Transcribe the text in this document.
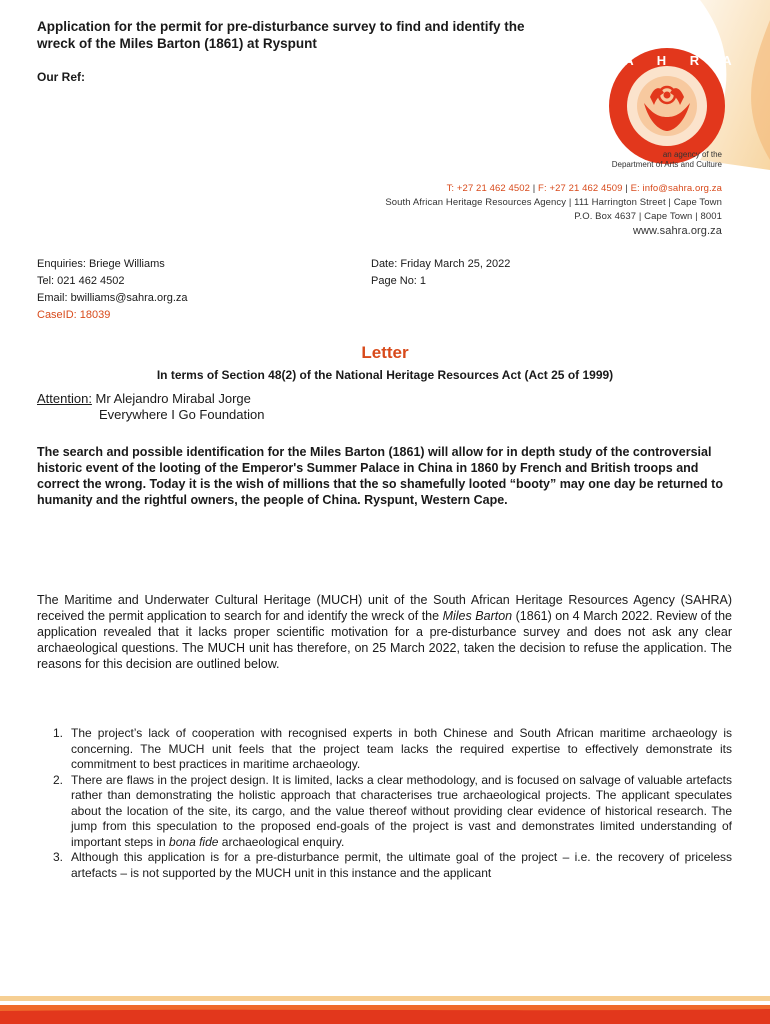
Application for the permit for pre-disturbance survey to find and identify the
wreck of the Miles Barton (1861) at Ryspunt
Our Ref:
S A H R A
an agency of the
Department of Arts and Culture
T: +27 21 462 4502 | F: +27 21 462 4509 | E: info@sahra.org.za
South African Heritage Resources Agency | 111 Harrington Street | Cape Town
P.O. Box 4637 | Cape Town | 8001
www.sahra.org.za
Enquiries: Briege Williams
Tel: 021 462 4502
Email: bwilliams@sahra.org.za
CaseID: 18039
Date: Friday March 25, 2022
Page No: 1
Letter
In terms of Section 48(2) of the National Heritage Resources Act (Act 25 of 1999)
Attention: Mr Alejandro Mirabal Jorge
Everywhere I Go Foundation
The search and possible identification for the Miles Barton (1861) will allow for in depth study of the controversial historic event of the looting of the Emperor's Summer Palace in China in 1860 by French and British troops and correct the wrong. Today it is the wish of millions that the so shamefully looted “booty” may one day be returned to humanity and the rightful owners, the people of China. Ryspunt, Western Cape.
The Maritime and Underwater Cultural Heritage (MUCH) unit of the South African Heritage Resources Agency (SAHRA) received the permit application to search for and identify the wreck of the Miles Barton (1861) on 4 March 2022. Review of the application revealed that it lacks proper scientific motivation for a pre-disturbance survey and does not ask any clear archaeological questions. The MUCH unit has therefore, on 25 March 2022, taken the decision to refuse the application. The reasons for this decision are outlined below.
1. The project’s lack of cooperation with recognised experts in both Chinese and South African maritime archaeology is concerning. The MUCH unit feels that the project team lacks the required expertise to effectively demonstrate its commitment to best practices in maritime archaeology.
2. There are flaws in the project design. It is limited, lacks a clear methodology, and is focused on salvage of valuable artefacts rather than demonstrating the holistic approach that characterises true archaeological projects. The applicant speculates about the location of the site, its cargo, and the value thereof without providing clear evidence of historical research. The jump from this speculation to the proposed end-goals of the project is vast and demonstrates limited understanding of important steps in bona fide archaeological enquiry.
3. Although this application is for a pre-disturbance permit, the ultimate goal of the project – i.e. the recovery of priceless artefacts – is not supported by the MUCH unit in this instance and the applicant
